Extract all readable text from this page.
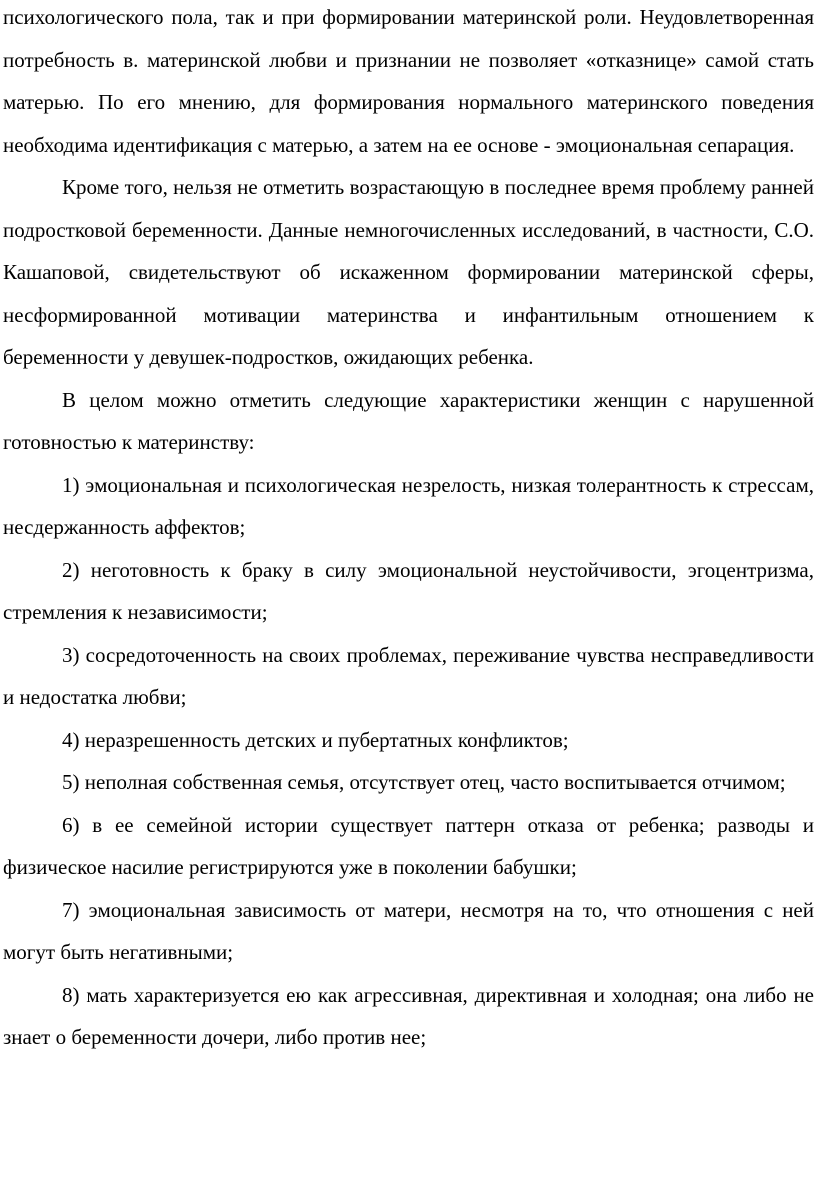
психологического пола, так и при формировании материнской роли. Неудовлетворенная потребность в. материнской любви и признании не позволяет «отказнице» самой стать матерью. По его мнению, для формирования нормального материнского поведения необходима идентификация с матерью, а затем на ее основе - эмоциональная сепарация.

Кроме того, нельзя не отметить возрастающую в последнее время проблему ранней подростковой беременности. Данные немногочисленных исследований, в частности, С.О. Кашаповой, свидетельствуют об искаженном формировании материнской сферы, несформированной мотивации материнства и инфантильным отношением к беременности у девушек-подростков, ожидающих ребенка.

В целом можно отметить следующие характеристики женщин с нарушенной готовностью к материнству:

1) эмоциональная и психологическая незрелость, низкая толерантность к стрессам, несдержанность аффектов;

2) неготовность к браку в силу эмоциональной неустойчивости, эгоцентризма, стремления к независимости;

3) сосредоточенность на своих проблемах, переживание чувства несправедливости и недостатка любви;

4) неразрешенность детских и пубертатных конфликтов;

5) неполная собственная семья, отсутствует отец, часто воспитывается отчимом;

6) в ее семейной истории существует паттерн отказа от ребенка; разводы и физическое насилие регистрируются уже в поколении бабушки;

7) эмоциональная зависимость от матери, несмотря на то, что отношения с ней могут быть негативными;

8) мать характеризуется ею как агрессивная, директивная и холодная; она либо не знает о беременности дочери, либо против нее;
